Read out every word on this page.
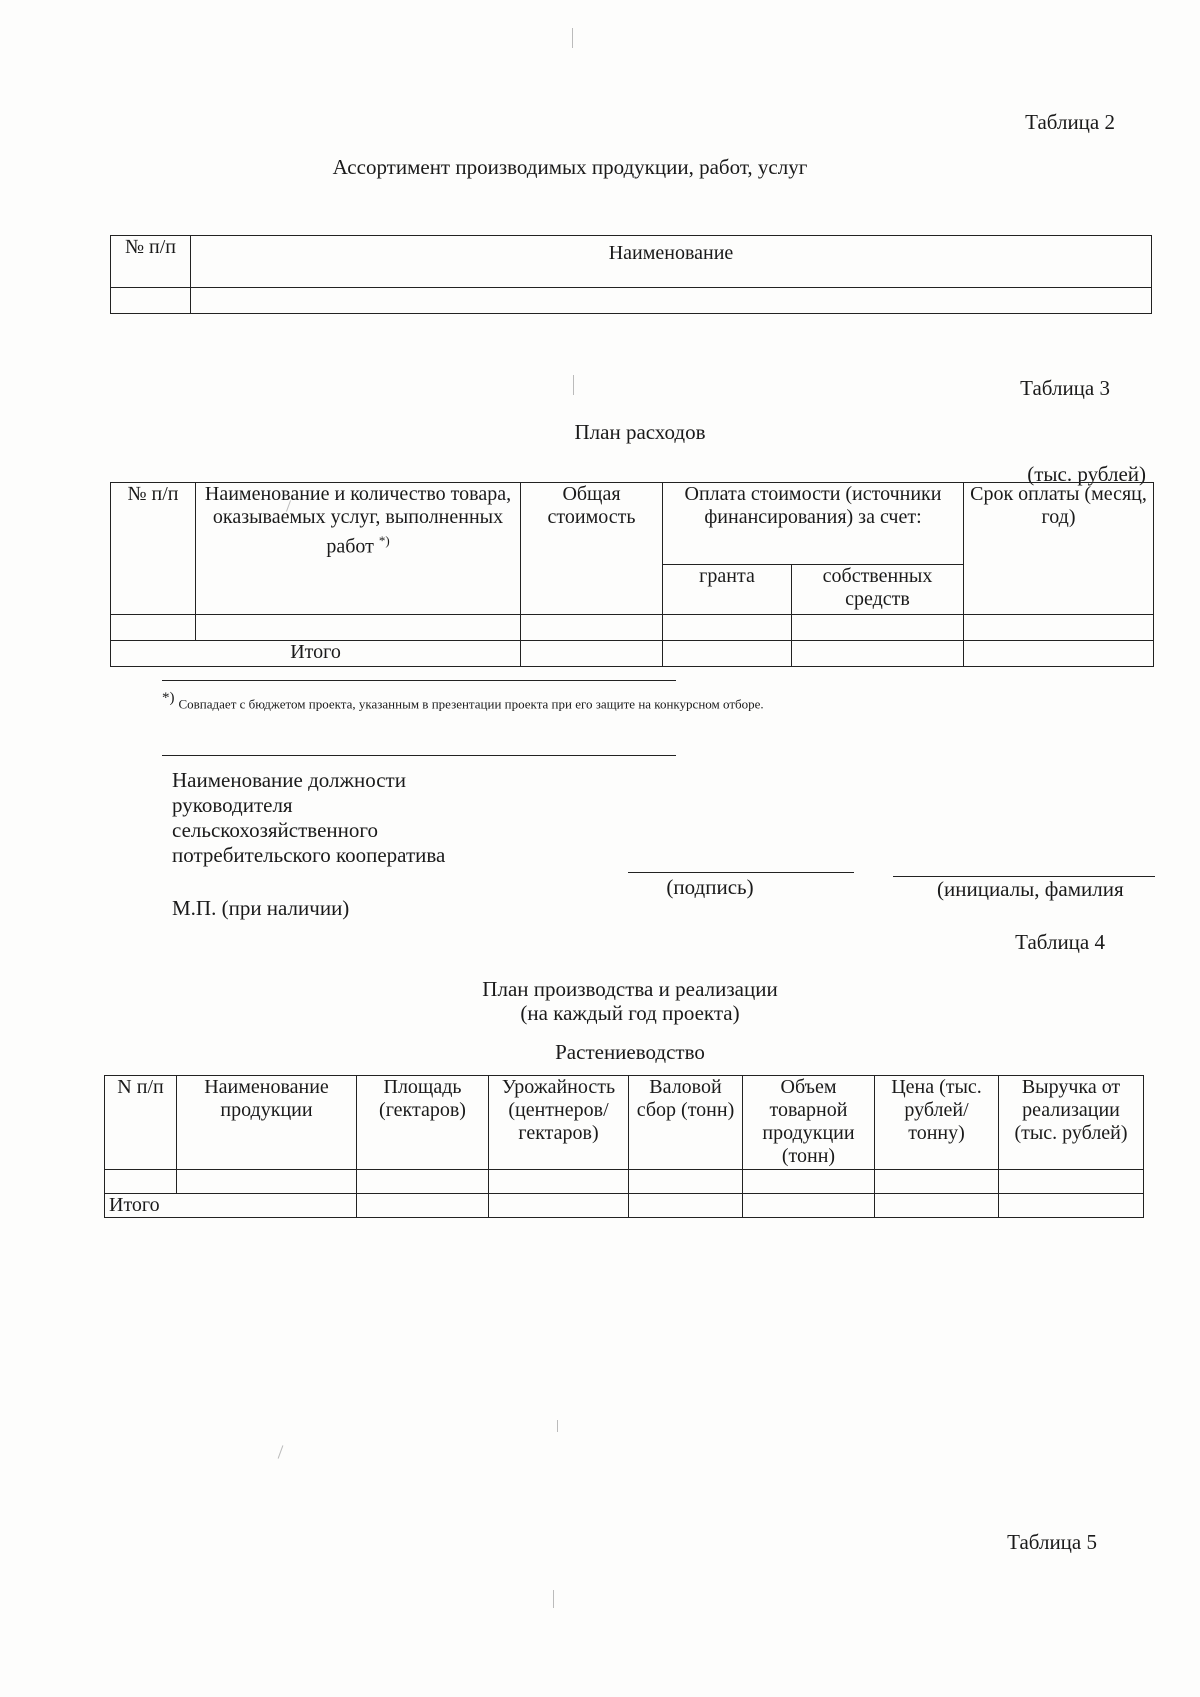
Таблица 2
Ассортимент производимых продукции, работ, услуг
№ п/п	Наименование

Таблица 3
План расходов
(тыс. рублей)
№ п/п	Наименование и количество товара, оказываемых услуг, выполненных работ *)	Общая стоимость	Оплата стоимости (источники финансирования) за счет:		Срок оплаты (месяц, год)
			гранта	собственных средств	

Итого					
*) Совпадает с бюджетом проекта, указанным в презентации проекта при его защите на конкурсном отборе.
Наименование должности
руководителя
сельскохозяйственного
потребительского кооператива
(подпись)	(инициалы, фамилия
М.П. (при наличии)
Таблица 4
План производства и реализации
(на каждый год проекта)
Растениеводство
N п/п	Наименование продукции	Площадь (гектаров)	Урожайность (центнеров/ гектаров)	Валовой сбор (тонн)	Объем товарной продукции (тонн)	Цена (тыс. рублей/ тонну)	Выручка от реализации (тыс. рублей)

Итого							
Таблица 5
